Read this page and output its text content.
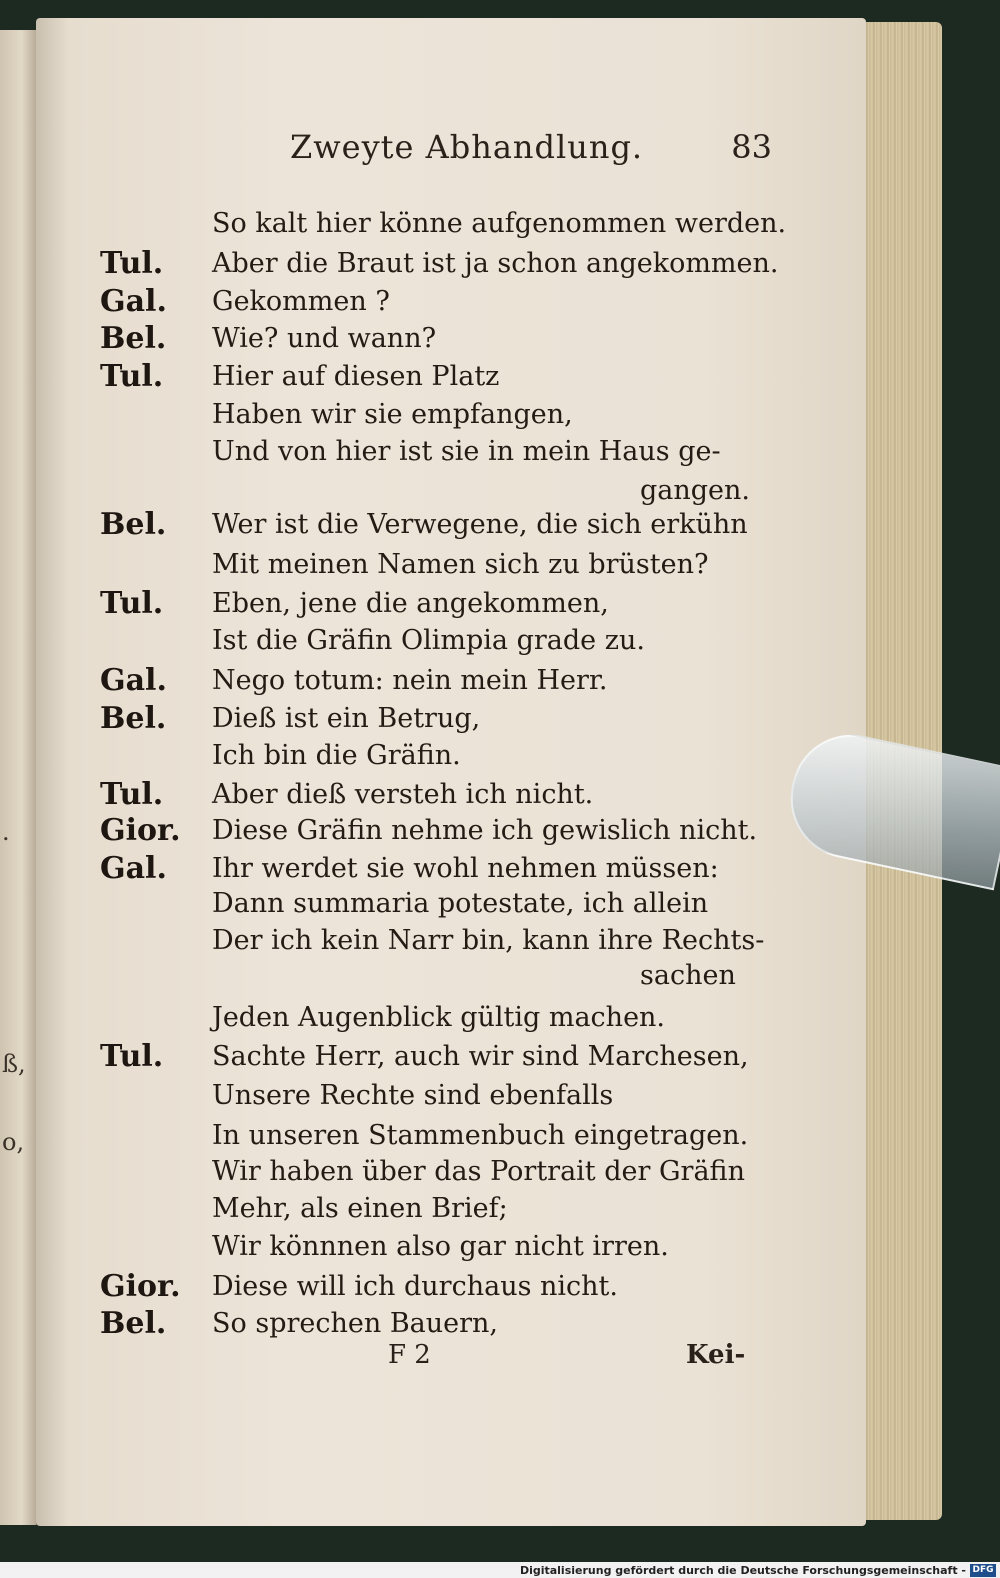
.
ß,
o,
Zweyte Abhandlung.	83
So kalt hier könne aufgenommen werden.
Tul.	Aber die Braut ist ja schon angekommen.
Gal.	Gekommen ?
Bel.	Wie? und wann?
Tul.	Hier auf diesen Platz
Haben wir sie empfangen,
Und von hier ist sie in mein Haus ge-
gangen.
Bel.	Wer ist die Verwegene, die sich erkühn
Mit meinen Namen sich zu brüsten?
Tul.	Eben, jene die angekommen,
Ist die Gräfin Olimpia grade zu.
Gal.	Nego totum: nein mein Herr.
Bel.	Dieß ist ein Betrug,
Ich bin die Gräfin.
Tul.	Aber dieß versteh ich nicht.
Gior.	Diese Gräfin nehme ich gewislich nicht.
Gal.	Ihr werdet sie wohl nehmen müssen:
Dann summaria potestate, ich allein
Der ich kein Narr bin, kann ihre Rechts-
sachen
Jeden Augenblick gültig machen.
Tul.	Sachte Herr, auch wir sind Marchesen,
Unsere Rechte sind ebenfalls
In unseren Stammenbuch eingetragen.
Wir haben über das Portrait der Gräfin
Mehr, als einen Brief;
Wir könnnen also gar nicht irren.
Gior.	Diese will ich durchaus nicht.
Bel.	So sprechen Bauern,
F 2	Kei-
Digitalisierung gefördert durch die Deutsche Forschungsgemeinschaft - DFG
